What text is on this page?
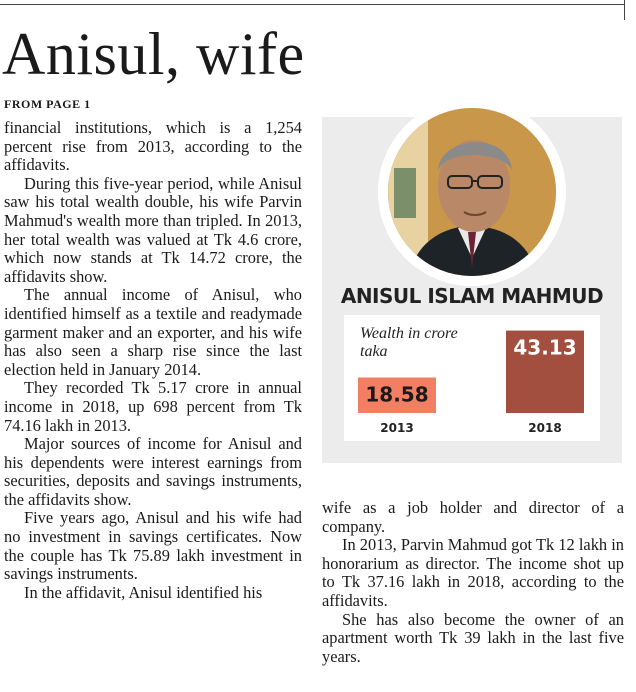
Anisul, wife
FROM PAGE 1

financial institutions, which is a 1,254 percent rise from 2013, according to the affidavits.

During this five-year period, while Anisul saw his total wealth double, his wife Parvin Mahmud's wealth more than tripled. In 2013, her total wealth was valued at Tk 4.6 crore, which now stands at Tk 14.72 crore, the affidavits show.

The annual income of Anisul, who identified himself as a textile and readymade garment maker and an exporter, and his wife has also seen a sharp rise since the last election held in January 2014.

They recorded Tk 5.17 crore in annual income in 2018, up 698 percent from Tk 74.16 lakh in 2013.

Major sources of income for Anisul and his dependents were interest earnings from securities, deposits and savings instruments, the affidavits show.

Five years ago, Anisul and his wife had no investment in savings certificates. Now the couple has Tk 75.89 lakh investment in savings instruments.

In the affidavit, Anisul identified his

ANISUL ISLAM MAHMUD
Wealth in crore taka
18.58
2013
43.13
2018

wife as a job holder and director of a company.

In 2013, Parvin Mahmud got Tk 12 lakh in honorarium as director. The income shot up to Tk 37.16 lakh in 2018, according to the affidavits.

She has also become the owner of an apartment worth Tk 39 lakh in the last five years.
